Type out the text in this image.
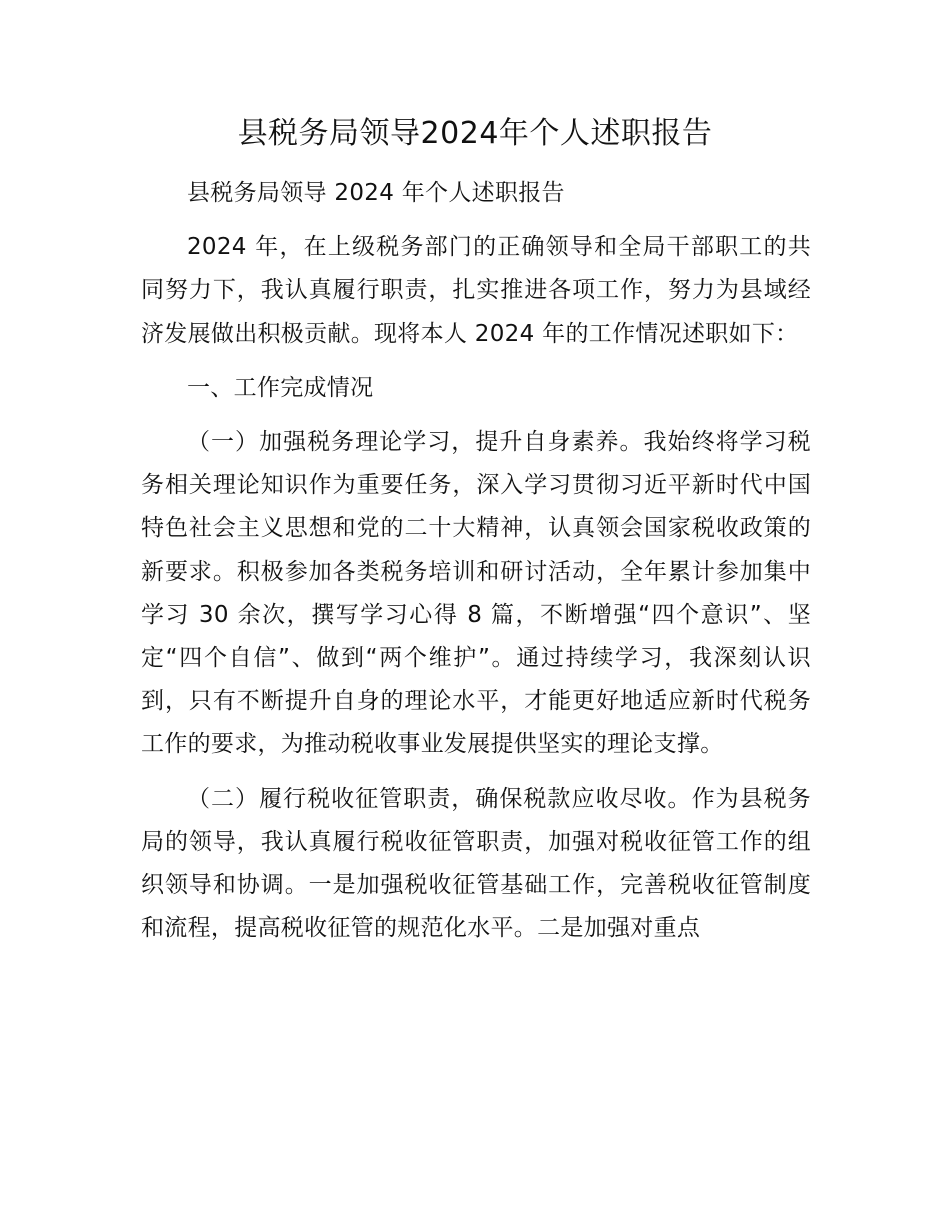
县税务局领导2024年个人述职报告

县税务局领导 2024 年个人述职报告

2024 年，在上级税务部门的正确领导和全局干部职工的共同努力下，我认真履行职责，扎实推进各项工作，努力为县域经济发展做出积极贡献。现将本人 2024 年的工作情况述职如下：

一、工作完成情况

（一）加强税务理论学习，提升自身素养。我始终将学习税务相关理论知识作为重要任务，深入学习贯彻习近平新时代中国特色社会主义思想和党的二十大精神，认真领会国家税收政策的新要求。积极参加各类税务培训和研讨活动，全年累计参加集中学习 30 余次，撰写学习心得 8 篇，不断增强“四个意识”、坚定“四个自信”、做到“两个维护”。通过持续学习，我深刻认识到，只有不断提升自身的理论水平，才能更好地适应新时代税务工作的要求，为推动税收事业发展提供坚实的理论支撑。

（二）履行税收征管职责，确保税款应收尽收。作为县税务局的领导，我认真履行税收征管职责，加强对税收征管工作的组织领导和协调。一是加强税收征管基础工作，完善税收征管制度和流程，提高税收征管的规范化水平。二是加强对重点
